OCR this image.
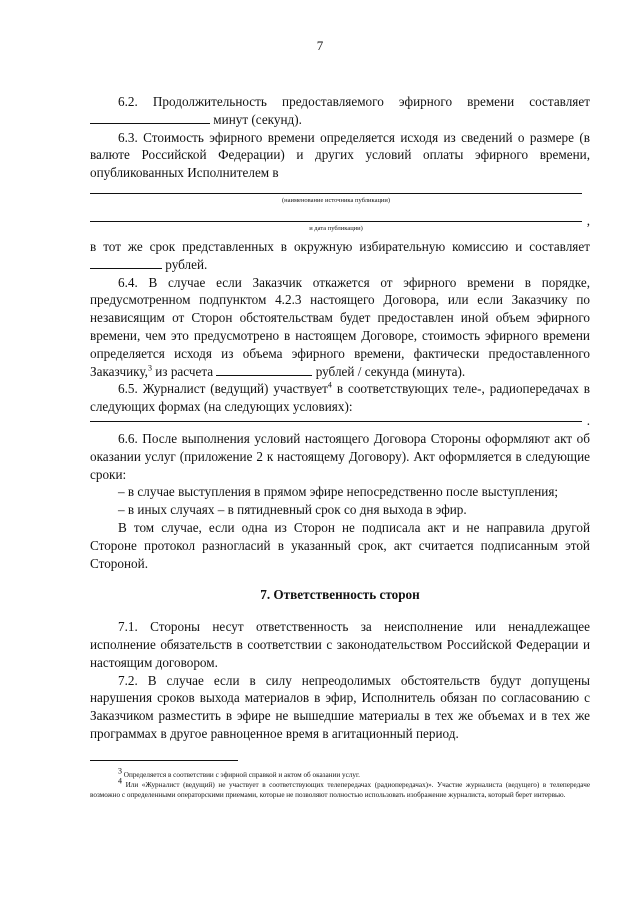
7

6.2. Продолжительность предоставляемого эфирного времени составляет  минут (секунд).

6.3. Стоимость эфирного времени определяется исходя из сведений о размере (в валюте Российской Федерации) и других условий оплаты эфирного времени, опубликованных Исполнителем в

(наименование источника публикации)
и дата публикации)
,

в тот же срок представленных в окружную избирательную комиссию и составляет  рублей.

6.4. В случае если Заказчик откажется от эфирного времени в порядке, предусмотренном подпунктом 4.2.3 настоящего Договора, или если Заказчику по независящим от Сторон обстоятельствам будет предоставлен иной объем эфирного времени, чем это предусмотрено в настоящем Договоре, стоимость эфирного времени определяется исходя из объема эфирного времени, фактически предоставленного Заказчику,$^3$ из расчета	рублей / секунда (минута).

6.5. Журналист (ведущий) участвует$^4$ в соответствующих теле-, радиопередачах в следующих формах (на следующих условиях):

.

6.6. После выполнения условий настоящего Договора Стороны оформляют акт об оказании услуг (приложение 2 к настоящему Договору). Акт оформляется в следующие сроки:

– в случае выступления в прямом эфире непосредственно после выступления;

– в иных случаях – в пятидневный срок со дня выхода в эфир.

В том случае, если одна из Сторон не подписала акт и не направила другой Стороне протокол разногласий в указанный срок, акт считается подписанным этой Стороной.

7. Ответственность сторон

7.1. Стороны несут ответственность за неисполнение или ненадлежащее исполнение обязательств в соответствии с законодательством Российской Федерации и настоящим договором.

7.2. В случае если в силу непреодолимых обстоятельств будут допущены нарушения сроков выхода материалов в эфир, Исполнитель обязан по согласованию с Заказчиком разместить в эфире не вышедшие материалы в тех же объемах и в тех же программах в другое равноценное время в агитационный период.

$^3$ Определяется в соответствии с эфирной справкой и актом об оказании услуг.

$^4$ Или «Журналист (ведущий) не участвует в соответствующих телепередачах (радиопередачах)». Участие журналиста (ведущего) в телепередаче возможно с определенными операторскими приемами, которые не позволяют полностью использовать изображение журналиста, который берет интервью.
